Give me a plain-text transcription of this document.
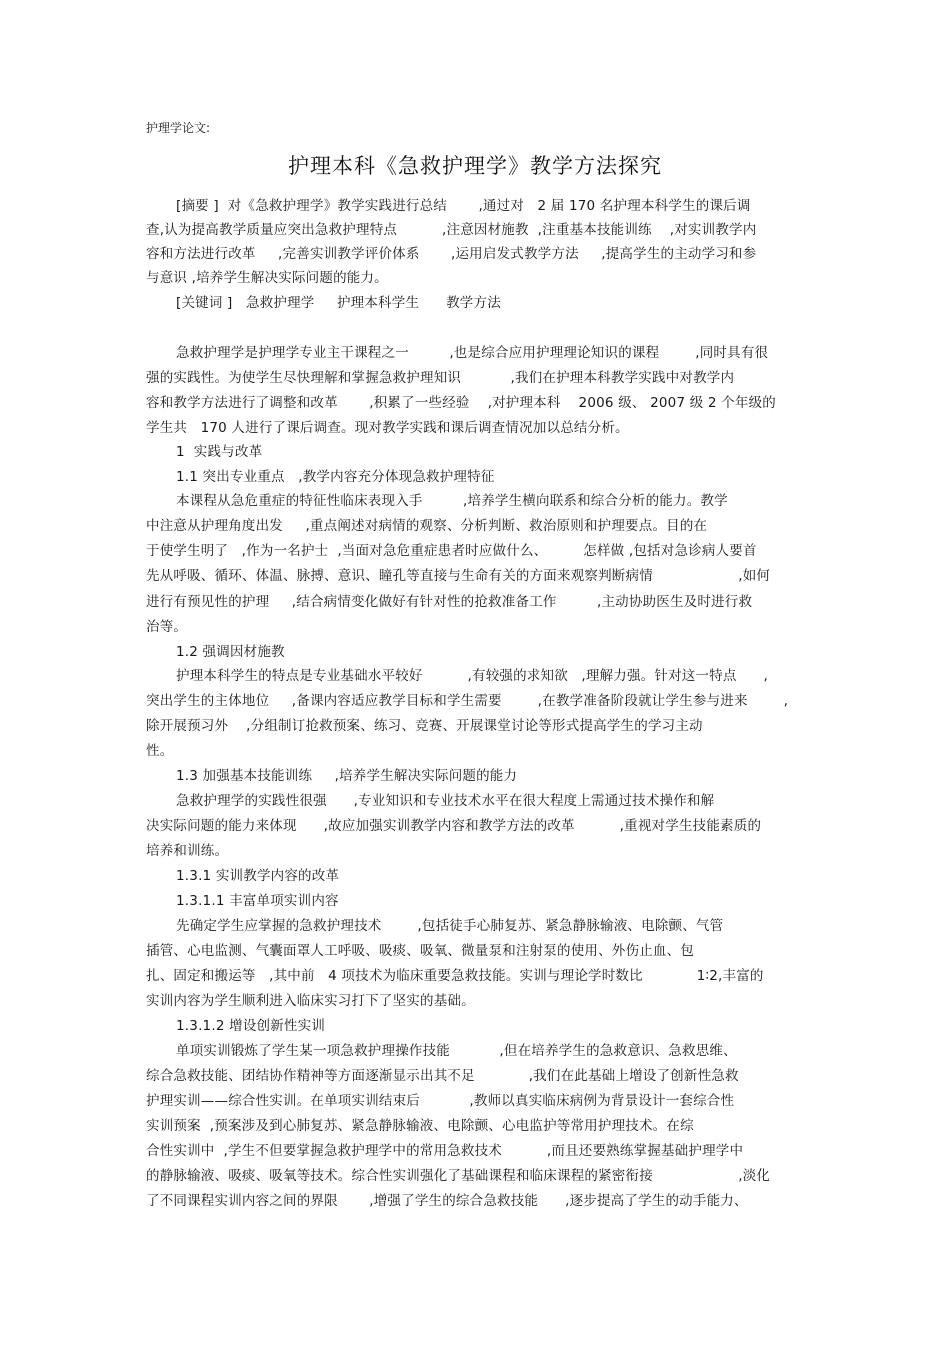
护理学论文:
护理本科《急救护理学》教学方法探究
[摘要 ]  对《急救护理学》教学实践进行总结       ,通过对   2 届 170 名护理本科学生的课后调
查,认为提高教学质量应突出急救护理特点          ,注意因材施教  ,注重基本技能训练    ,对实训教学内
容和方法进行改革     ,完善实训教学评价体系       ,运用启发式教学方法     ,提高学生的主动学习和参
与意识 ,培养学生解决实际问题的能力。
[关键词 ]   急救护理学     护理本科学生      教学方法
急救护理学是护理学专业主干课程之一         ,也是综合应用护理理论知识的课程        ,同时具有很
强的实践性。为使学生尽快理解和掌握急救护理知识           ,我们在护理本科教学实践中对教学内
容和教学方法进行了调整和改革       ,积累了一些经验    ,对护理本科    2006 级、 2007 级 2 个年级的
学生共   170 人进行了课后调查。现对教学实践和课后调查情况加以总结分析。
1  实践与改革
1.1 突出专业重点   ,教学内容充分体现急救护理特征
本课程从急危重症的特征性临床表现入手         ,培养学生横向联系和综合分析的能力。教学
中注意从护理角度出发     ,重点阐述对病情的观察、分析判断、救治原则和护理要点。目的在
于使学生明了   ,作为一名护士  ,当面对急危重症患者时应做什么、        怎样做 ,包括对急诊病人要首
先从呼吸、循环、体温、脉搏、意识、瞳孔等直接与生命有关的方面来观察判断病情                   ,如何
进行有预见性的护理     ,结合病情变化做好有针对性的抢救准备工作         ,主动协助医生及时进行救
治等。
1.2 强调因材施教
护理本科学生的特点是专业基础水平较好          ,有较强的求知欲   ,理解力强。针对这一特点      ,
突出学生的主体地位     ,备课内容适应教学目标和学生需要        ,在教学准备阶段就让学生参与进来        ,
除开展预习外    ,分组制订抢救预案、练习、竞赛、开展课堂讨论等形式提高学生的学习主动
性。
1.3 加强基本技能训练     ,培养学生解决实际问题的能力
急救护理学的实践性很强      ,专业知识和专业技术水平在很大程度上需通过技术操作和解
决实际问题的能力来体现      ,故应加强实训教学内容和教学方法的改革          ,重视对学生技能素质的
培养和训练。
1.3.1 实训教学内容的改革
1.3.1.1 丰富单项实训内容
先确定学生应掌握的急救护理技术        ,包括徒手心肺复苏、紧急静脉输液、电除颤、气管
插管、心电监测、气囊面罩人工呼吸、吸痰、吸氧、微量泵和注射泵的使用、外伤止血、包
扎、固定和搬运等   ,其中前   4 项技术为临床重要急救技能。实训与理论学时数比            1∶2,丰富的
实训内容为学生顺利进入临床实习打下了坚实的基础。
1.3.1.2 增设创新性实训
单项实训锻炼了学生某一项急救护理操作技能           ,但在培养学生的急救意识、急救思维、
综合急救技能、团结协作精神等方面逐渐显示出其不足            ,我们在此基础上增设了创新性急救
护理实训——综合性实训。在单项实训结束后           ,教师以真实临床病例为背景设计一套综合性
实训预案  ,预案涉及到心肺复苏、紧急静脉输液、电除颤、心电监护等常用护理技术。在综
合性实训中  ,学生不但要掌握急救护理学中的常用急救技术          ,而且还要熟练掌握基础护理学中
的静脉输液、吸痰、吸氧等技术。综合性实训强化了基础课程和临床课程的紧密衔接                   ,淡化
了不同课程实训内容之间的界限       ,增强了学生的综合急救技能      ,逐步提高了学生的动手能力、
